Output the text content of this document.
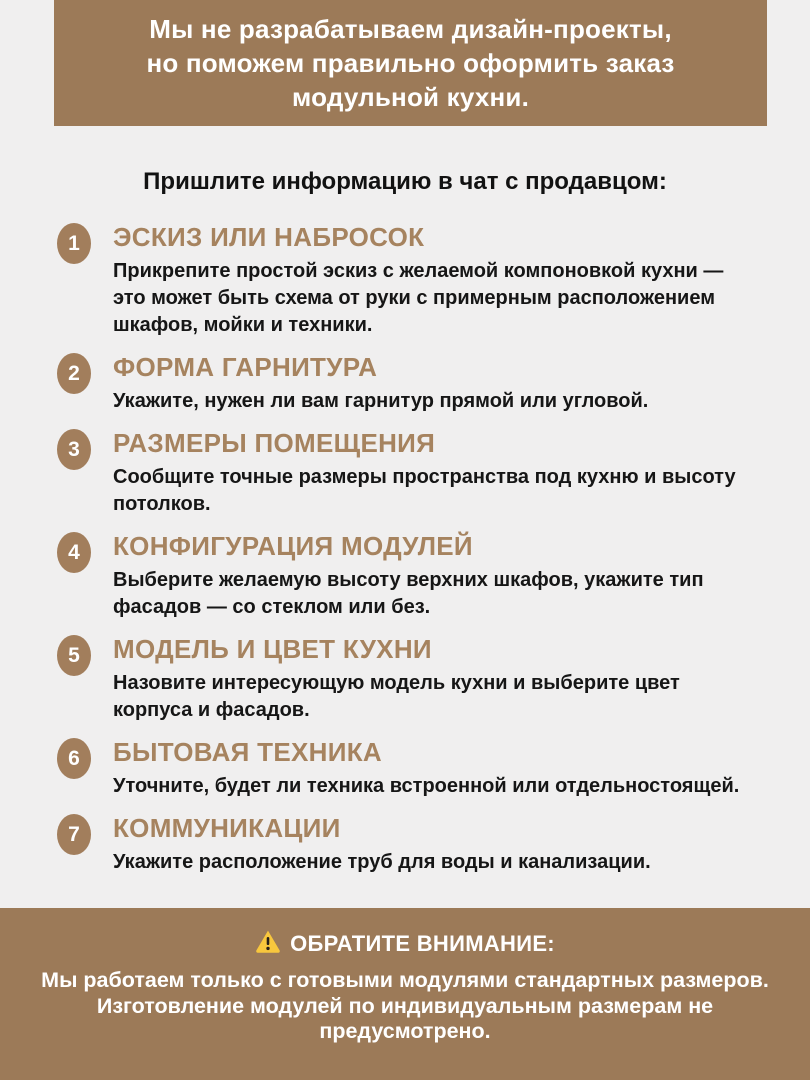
Мы не разрабатываем дизайн-проекты,
но поможем правильно оформить заказ
модульной кухни.
Пришлите информацию в чат с продавцом:
1	ЭСКИЗ ИЛИ НАБРОСОК
Прикрепите простой эскиз с желаемой компоновкой кухни —
это может быть схема от руки с примерным расположением
шкафов, мойки и техники.
2	ФОРМА ГАРНИТУРА
Укажите, нужен ли вам гарнитур прямой или угловой.
3	РАЗМЕРЫ ПОМЕЩЕНИЯ
Сообщите точные размеры пространства под кухню и высоту
потолков.
4	КОНФИГУРАЦИЯ МОДУЛЕЙ
Выберите желаемую высоту верхних шкафов, укажите тип
фасадов — со стеклом или без.
5	МОДЕЛЬ И ЦВЕТ КУХНИ
Назовите интересующую модель кухни и выберите цвет
корпуса и фасадов.
6	БЫТОВАЯ ТЕХНИКА
Уточните, будет ли техника встроенной или отдельностоящей.
7	КОММУНИКАЦИИ
Укажите расположение труб для воды и канализации.
ОБРАТИТЕ ВНИМАНИЕ:
Мы работаем только с готовыми модулями стандартных размеров.
Изготовление модулей по индивидуальным размерам не
предусмотрено.
